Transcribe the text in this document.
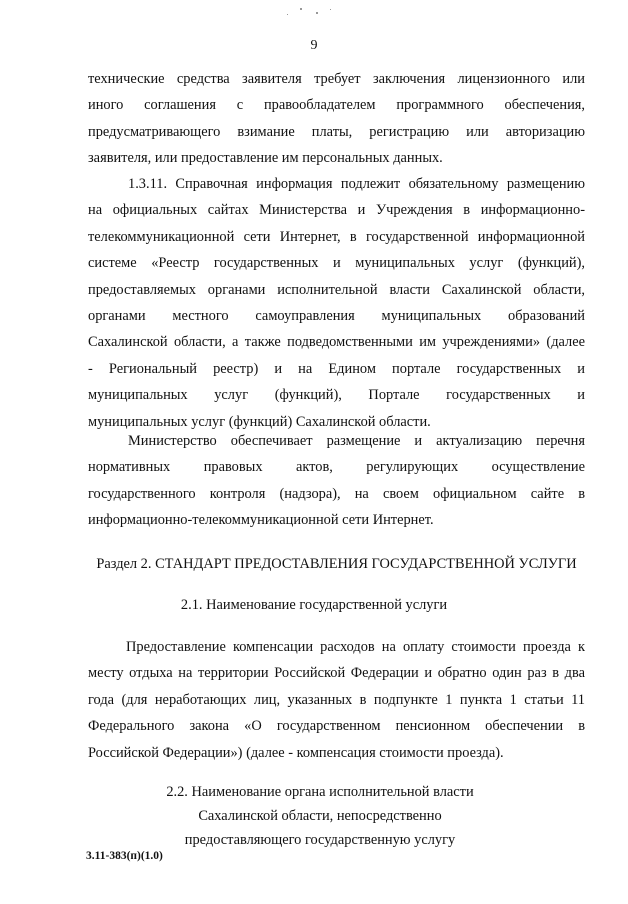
9
технические средства заявителя требует заключения лицензионного или
иного соглашения с правообладателем программного обеспечения,
предусматривающего взимание платы, регистрацию или авторизацию
заявителя, или предоставление им персональных данных.
1.3.11. Справочная информация подлежит обязательному размещению
на официальных сайтах Министерства и Учреждения в информационно-
телекоммуникационной сети Интернет, в государственной информационной
системе «Реестр государственных и муниципальных услуг (функций),
предоставляемых органами исполнительной власти Сахалинской области,
органами местного самоуправления муниципальных образований
Сахалинской области, а также подведомственными им учреждениями» (далее
- Региональный реестр) и на Едином портале государственных и
муниципальных услуг (функций), Портале государственных и
муниципальных услуг (функций) Сахалинской области.
Министерство обеспечивает размещение и актуализацию перечня
нормативных правовых актов, регулирующих осуществление
государственного контроля (надзора), на своем официальном сайте в
информационно-телекоммуникационной сети Интернет.
Раздел 2. СТАНДАРТ ПРЕДОСТАВЛЕНИЯ ГОСУДАРСТВЕННОЙ УСЛУГИ
2.1. Наименование государственной услуги
Предоставление компенсации расходов на оплату стоимости проезда к
месту отдыха на территории Российской Федерации и обратно один раз в два
года (для неработающих лиц, указанных в подпункте 1 пункта 1 статьи 11
Федерального закона «О государственном пенсионном обеспечении в
Российской Федерации») (далее - компенсация стоимости проезда).
2.2. Наименование органа исполнительной власти
Сахалинской области, непосредственно
предоставляющего государственную услугу
3.11-383(п)(1.0)
